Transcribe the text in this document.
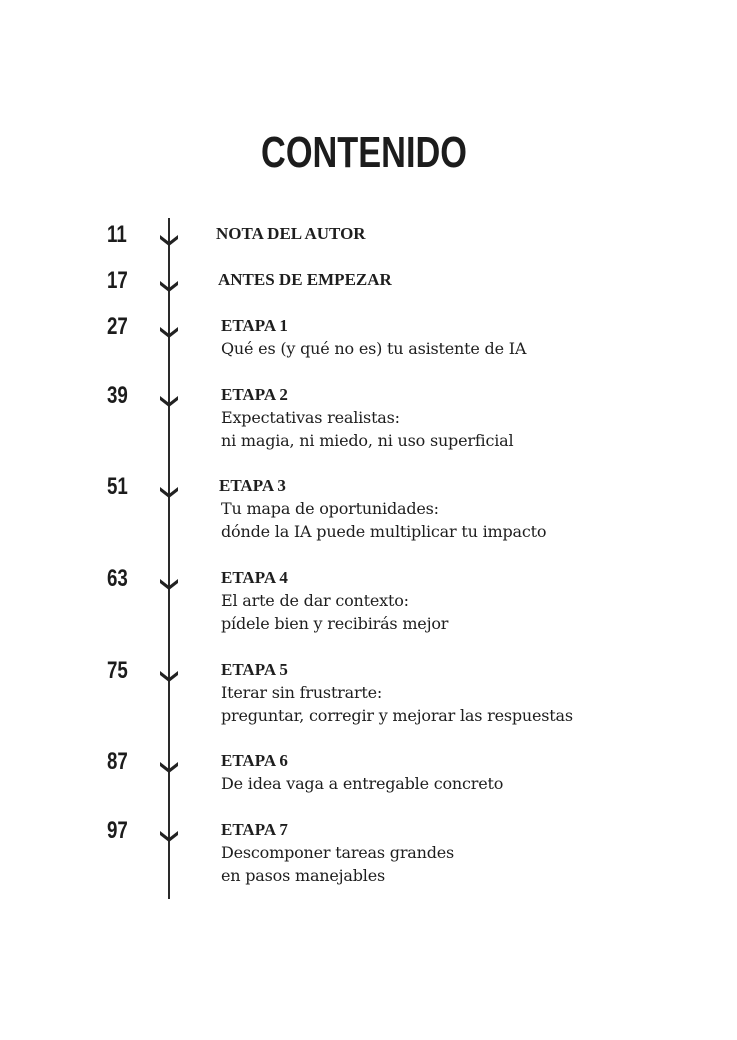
CONTENIDO
11	NOTA DEL AUTOR
17	ANTES DE EMPEZAR
27	ETAPA 1
Qué es (y qué no es) tu asistente de IA
39	ETAPA 2
Expectativas realistas:
ni magia, ni miedo, ni uso superficial
51	ETAPA 3
Tu mapa de oportunidades:
dónde la IA puede multiplicar tu impacto
63	ETAPA 4
El arte de dar contexto:
pídele bien y recibirás mejor
75	ETAPA 5
Iterar sin frustrarte:
preguntar, corregir y mejorar las respuestas
87	ETAPA 6
De idea vaga a entregable concreto
97	ETAPA 7
Descomponer tareas grandes
en pasos manejables
